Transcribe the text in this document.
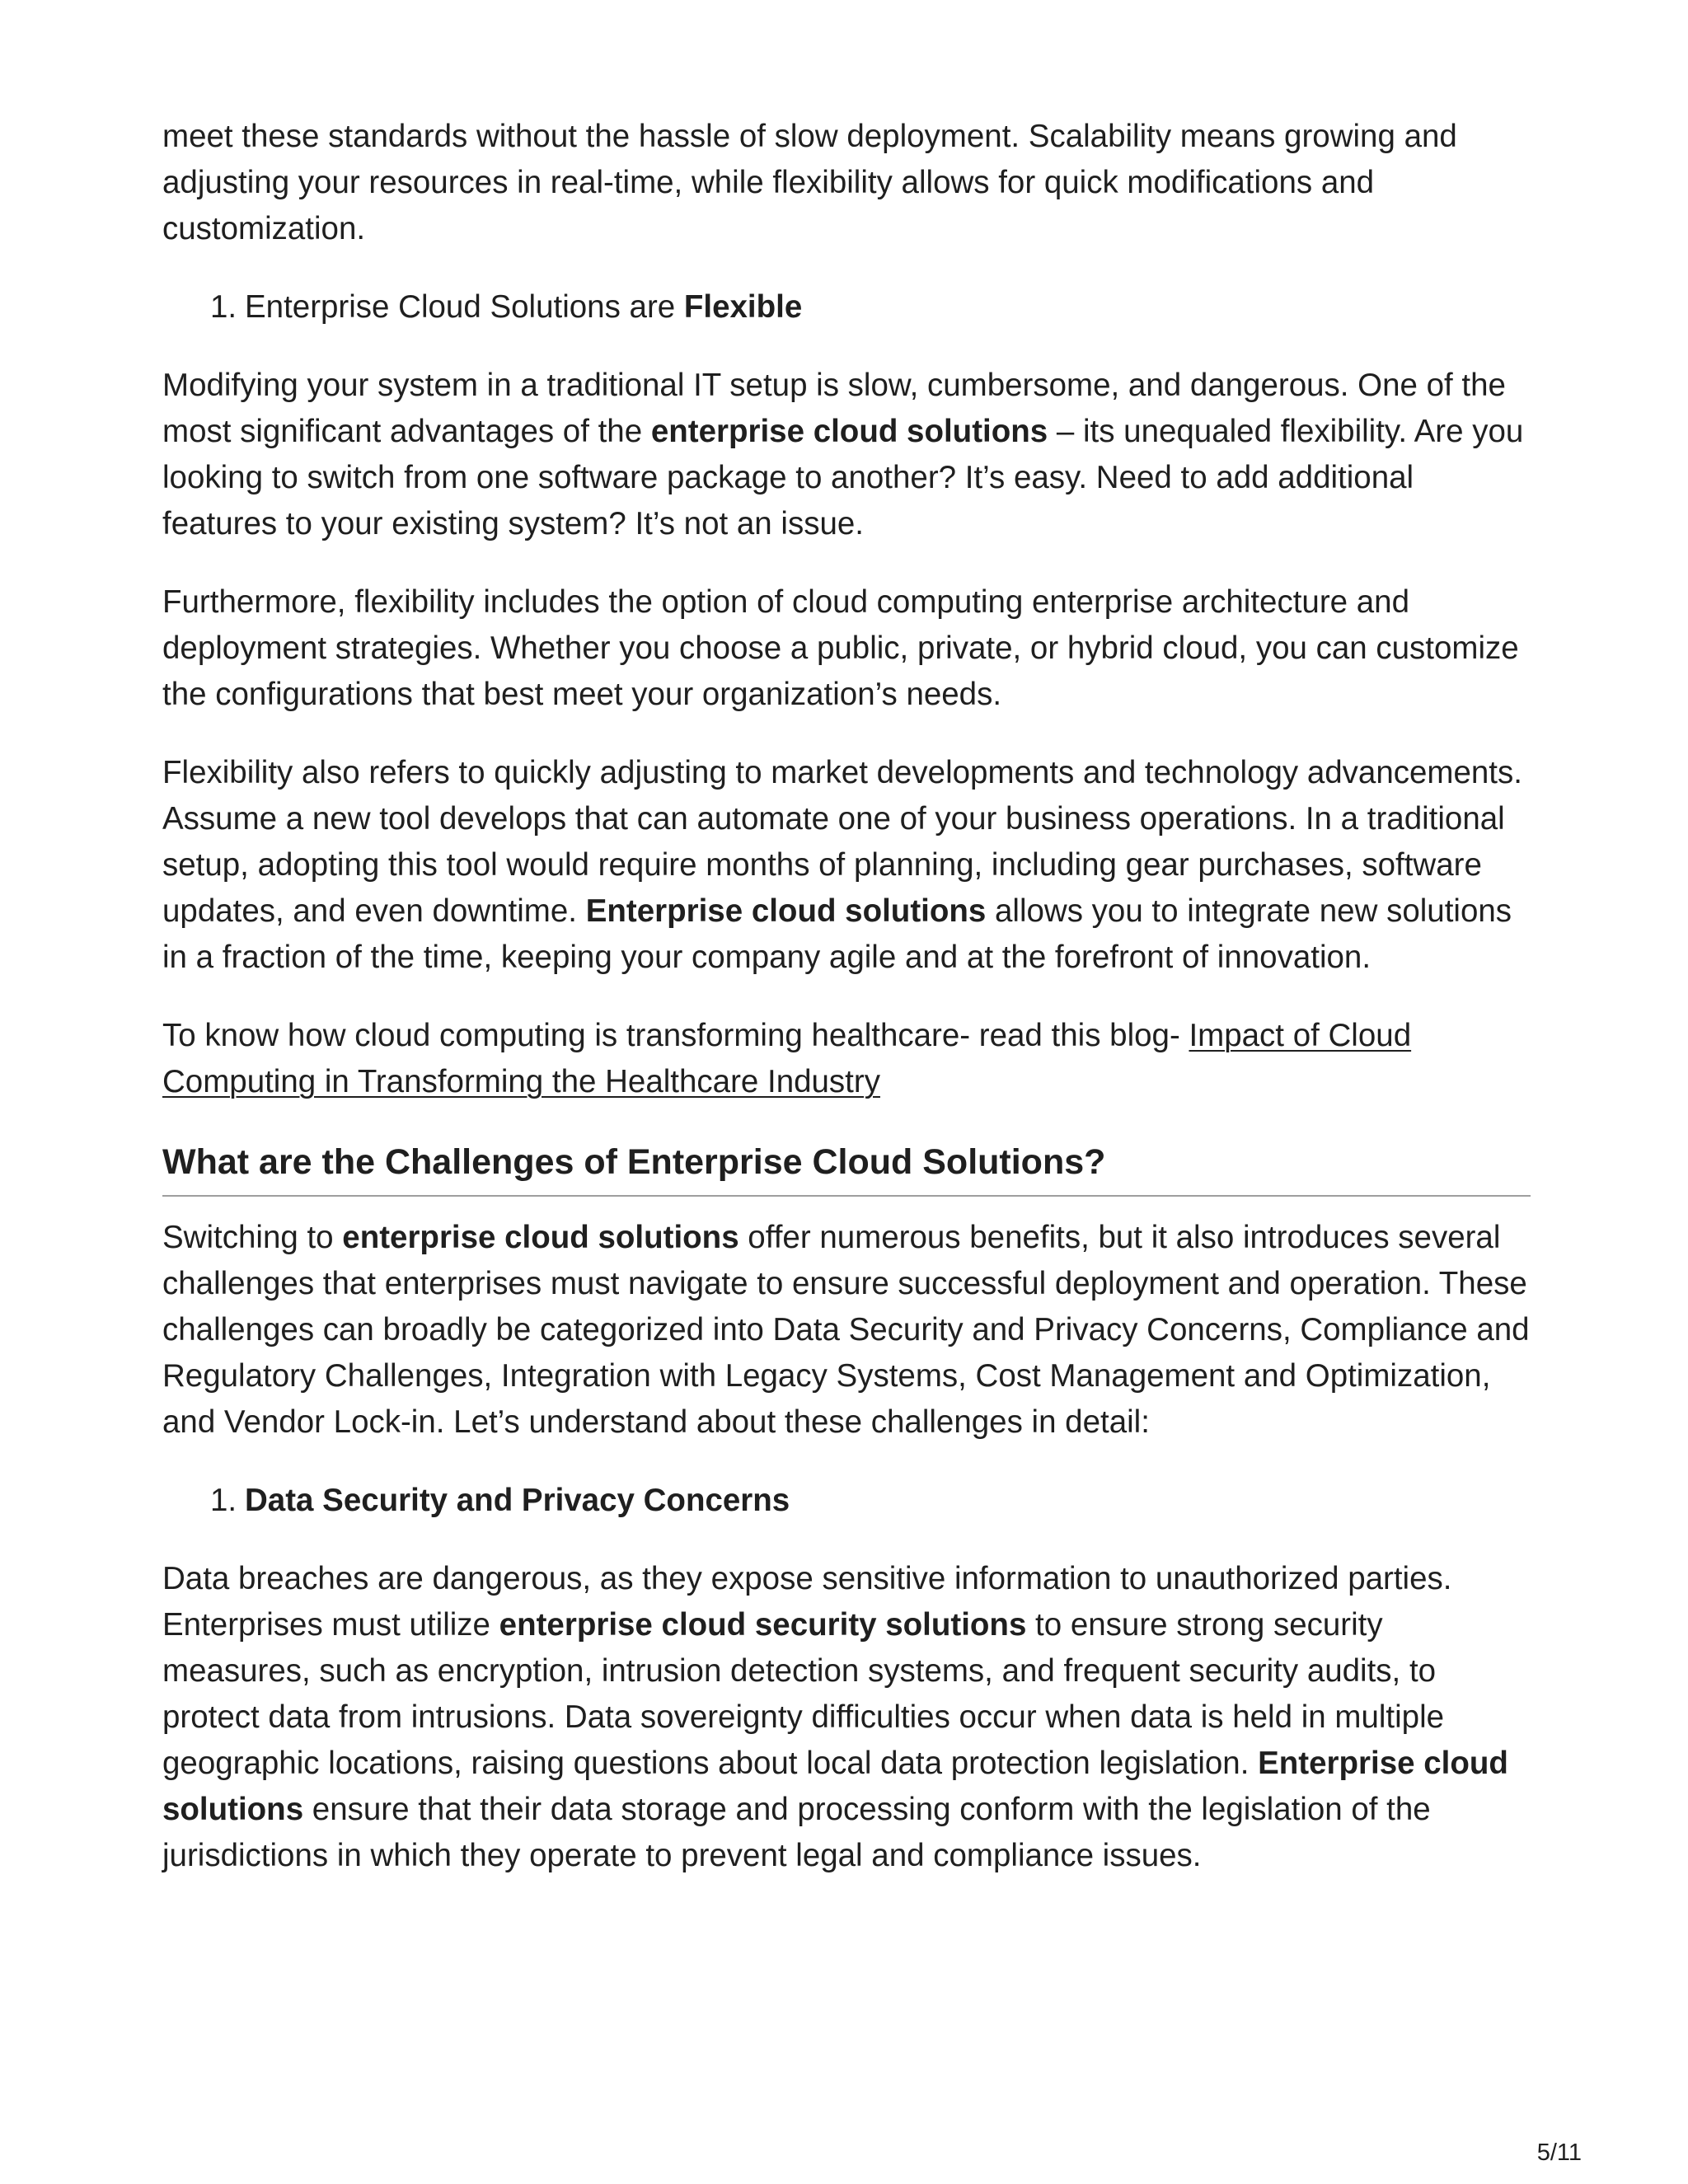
meet these standards without the hassle of slow deployment. Scalability means growing and adjusting your resources in real-time, while flexibility allows for quick modifications and customization.

1. Enterprise Cloud Solutions are Flexible

Modifying your system in a traditional IT setup is slow, cumbersome, and dangerous. One of the most significant advantages of the enterprise cloud solutions – its unequaled flexibility. Are you looking to switch from one software package to another? It’s easy. Need to add additional features to your existing system? It’s not an issue.

Furthermore, flexibility includes the option of cloud computing enterprise architecture and deployment strategies. Whether you choose a public, private, or hybrid cloud, you can customize the configurations that best meet your organization’s needs.

Flexibility also refers to quickly adjusting to market developments and technology advancements. Assume a new tool develops that can automate one of your business operations. In a traditional setup, adopting this tool would require months of planning, including gear purchases, software updates, and even downtime. Enterprise cloud solutions allows you to integrate new solutions in a fraction of the time, keeping your company agile and at the forefront of innovation.

To know how cloud computing is transforming healthcare- read this blog- Impact of Cloud Computing in Transforming the Healthcare Industry

What are the Challenges of Enterprise Cloud Solutions?

Switching to enterprise cloud solutions offer numerous benefits, but it also introduces several challenges that enterprises must navigate to ensure successful deployment and operation. These challenges can broadly be categorized into Data Security and Privacy Concerns, Compliance and Regulatory Challenges, Integration with Legacy Systems, Cost Management and Optimization, and Vendor Lock-in. Let’s understand about these challenges in detail:

1. Data Security and Privacy Concerns

Data breaches are dangerous, as they expose sensitive information to unauthorized parties. Enterprises must utilize enterprise cloud security solutions to ensure strong security measures, such as encryption, intrusion detection systems, and frequent security audits, to protect data from intrusions. Data sovereignty difficulties occur when data is held in multiple geographic locations, raising questions about local data protection legislation. Enterprise cloud solutions ensure that their data storage and processing conform with the legislation of the jurisdictions in which they operate to prevent legal and compliance issues.

5/11
